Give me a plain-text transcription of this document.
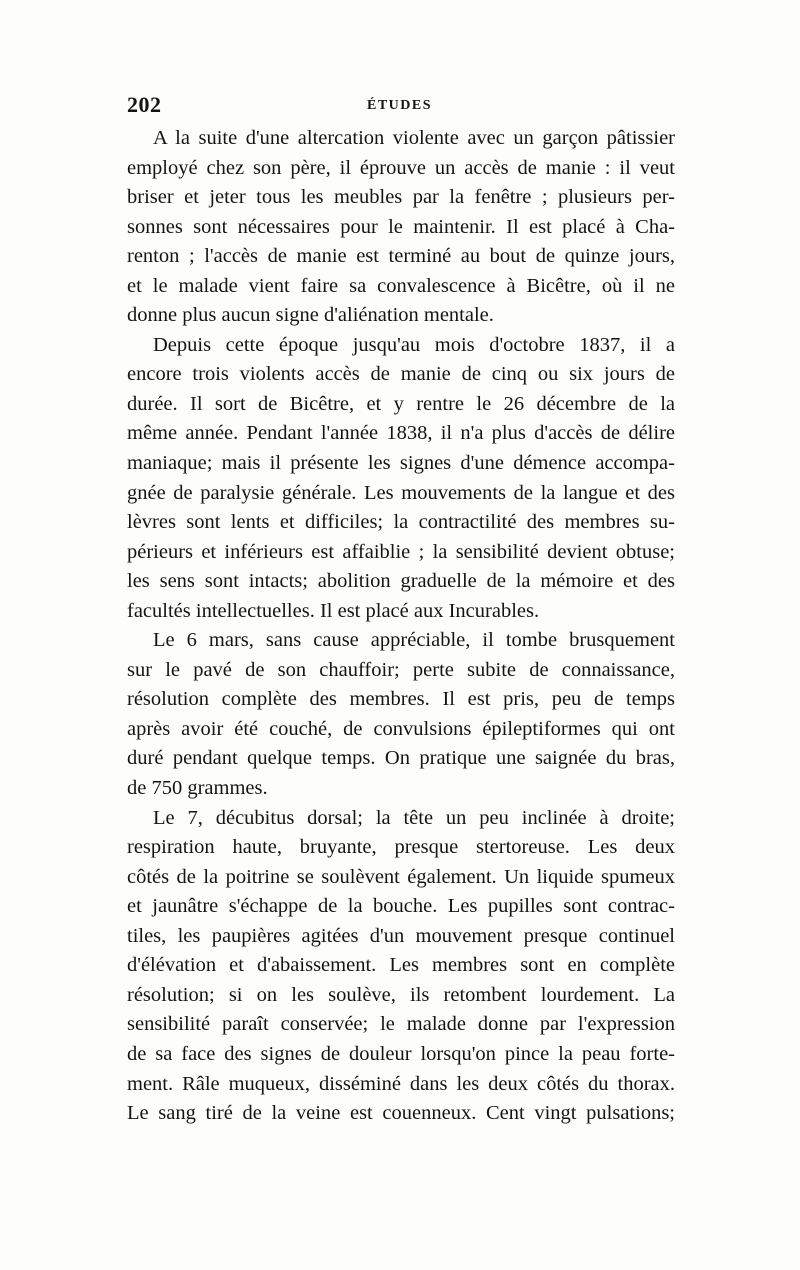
202	ÉTUDES
A la suite d'une altercation violente avec un garçon pâtissier
employé chez son père, il éprouve un accès de manie : il veut
briser et jeter tous les meubles par la fenêtre ; plusieurs per-
sonnes sont nécessaires pour le maintenir. Il est placé à Cha-
renton ; l'accès de manie est terminé au bout de quinze jours,
et le malade vient faire sa convalescence à Bicêtre, où il ne
donne plus aucun signe d'aliénation mentale.
Depuis cette époque jusqu'au mois d'octobre 1837, il a
encore trois violents accès de manie de cinq ou six jours de
durée. Il sort de Bicêtre, et y rentre le 26 décembre de la
même année. Pendant l'année 1838, il n'a plus d'accès de délire
maniaque; mais il présente les signes d'une démence accompa-
gnée de paralysie générale. Les mouvements de la langue et des
lèvres sont lents et difficiles; la contractilité des membres su-
périeurs et inférieurs est affaiblie ; la sensibilité devient obtuse;
les sens sont intacts; abolition graduelle de la mémoire et des
facultés intellectuelles. Il est placé aux Incurables.
Le 6 mars, sans cause appréciable, il tombe brusquement
sur le pavé de son chauffoir; perte subite de connaissance,
résolution complète des membres. Il est pris, peu de temps
après avoir été couché, de convulsions épileptiformes qui ont
duré pendant quelque temps. On pratique une saignée du bras,
de 750 grammes.
Le 7, décubitus dorsal; la tête un peu inclinée à droite;
respiration haute, bruyante, presque stertoreuse. Les deux
côtés de la poitrine se soulèvent également. Un liquide spumeux
et jaunâtre s'échappe de la bouche. Les pupilles sont contrac-
tiles, les paupières agitées d'un mouvement presque continuel
d'élévation et d'abaissement. Les membres sont en complète
résolution; si on les soulève, ils retombent lourdement. La
sensibilité paraît conservée; le malade donne par l'expression
de sa face des signes de douleur lorsqu'on pince la peau forte-
ment. Râle muqueux, disséminé dans les deux côtés du thorax.
Le sang tiré de la veine est couenneux. Cent vingt pulsations;
